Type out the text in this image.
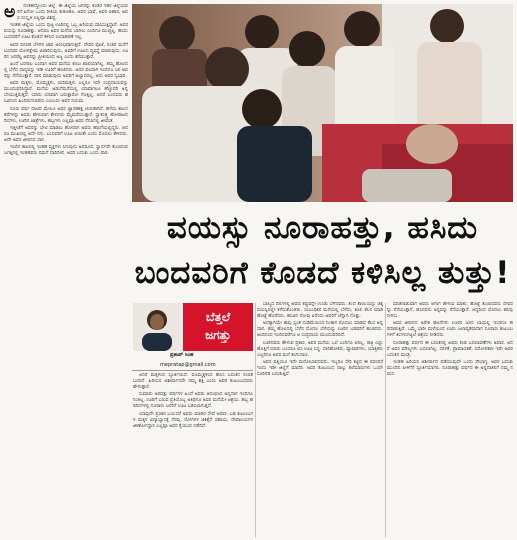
ಅ	ದಂತಹದ್ದೊಂದು ಜಿಲ್ಲೆ. ಈ ಜಿಲ್ಲೆಯ ಜನರನ್ನು ಕಂಡರೆ ಇತರ ಜಿಲ್ಲೆಯವರಿಗೆ ಏನೋ ಒಂದು ರೀತಿಯ ಕುತೂಹಲ. ಅವರ ಭಾಷೆ, ಅವರ ಆಹಾರ, ಅವರ ಸಂಸ್ಕೃತಿ ಎಲ್ಲವೂ ವಿಶಿಷ್ಟ.

ಇಂತಹ ಜಿಲ್ಲೆಯ ಒಂದು ಪುಟ್ಟ ಊರಿನಲ್ಲಿ ಒಬ್ಬ ಹಿರಿಯರು ವಾಸಿಸುತ್ತಿದ್ದಾರೆ. ಅವರ ವಯಸ್ಸು ನೂರಾಹತ್ತು. ಆದರೂ ಅವರ ಮನೆಯ ಬಾಗಿಲು ಎಂದಿಗೂ ಮುಚ್ಚಿಲ್ಲ. ಹಸಿದು ಬಂದವರಿಗೆ ಊಟ ಕೊಡದೆ ಕಳಿಸಿದ ಉದಾಹರಣೆ ಇಲ್ಲ.

ಅವರ ದಿನಚರಿ ಬೆಳಗಿನ ಜಾವ ಆರಂಭವಾಗುತ್ತದೆ. ದೇವರ ಪೂಜೆ, ನಂತರ ಮನೆಗೆ ಬಂದವರ ಯೋಗಕ್ಷೇಮ ವಿಚಾರಿಸುವುದು, ಅವರಿಗೆ ಊಟದ ವ್ಯವಸ್ಥೆ ಮಾಡುವುದು. ಊರಿನ ಜನರೆಲ್ಲ ಅವರನ್ನು ಪ್ರೀತಿಯಿಂದ ಅಜ್ಜ ಎಂದು ಕರೆಯುತ್ತಾರೆ.

ಹಿಂದೆ ಬರಗಾಲ ಬಂದಾಗ ಅವರ ಮನೆಯ ಕಣಜ ಖಾಲಿಯಾಗಿಲ್ಲ. ತಮ್ಮ ಹೊಲದಲ್ಲಿ ಬೆಳೆದ ಧಾನ್ಯವನ್ನು ಇಡೀ ಊರಿಗೆ ಹಂಚಿದರು. ಅದರ ಫಲವಾಗಿ ಇಂದಿಗೂ ಜನ ಅವರನ್ನು ನೆನೆಯುತ್ತಾರೆ. ದಾನ ಮಾಡುವುದು ಅವರಿಗೆ ಅಭ್ಯಾಸವಲ್ಲ, ಅದು ಅವರ ಸ್ವಭಾವ.

ಅವರ ಮಕ್ಕಳು, ಮೊಮ್ಮಕ್ಕಳು, ಮರಿಮಕ್ಕಳು ಎಲ್ಲರೂ ಇದೇ ಸಂಪ್ರದಾಯವನ್ನು ಮುಂದುವರಿಸಿದ್ದಾರೆ. ಮನೆಯ ಅಡುಗೆಮನೆಯಲ್ಲಿ ಯಾವಾಗಲೂ ಹೆಚ್ಚುವರಿ ಅನ್ನ ಬೇಯುತ್ತಿರುತ್ತದೆ. ಯಾರು ಯಾವಾಗ ಬರುತ್ತಾರೋ ಗೊತ್ತಿಲ್ಲ, ಆದರೆ ಬಂದವರು ಹಸಿವಿನಿಂದ ಹಿಂದಿರುಗಬಾರದು ಎಂಬುದು ಅವರ ನಿಯಮ.

ನೂರು ವರ್ಷ ದಾಟಿದ ಮೇಲೂ ಅವರ ಜ್ಞಾಪಕಶಕ್ತಿ ಚುರುಕಾಗಿದೆ. ಹಳೆಯ ಕಾಲದ ಕಥೆಗಳನ್ನು ಅವರು ಹೇಳುವಾಗ ಕೇಳುಗರು ಮೈಮರೆಯುತ್ತಾರೆ. ಸ್ವಾತಂತ್ರ್ಯ ಹೋರಾಟದ ದಿನಗಳು, ಊರಿನ ಜಾತ್ರೆಗಳು, ಹಬ್ಬಗಳು ಎಲ್ಲವೂ ಅವರ ನೆನಪಿನಲ್ಲಿ ಜೀವಂತ.

ಇತ್ತೀಚೆಗೆ ಅವರನ್ನು ಭೇಟಿ ಮಾಡಲು ಹೋದಾಗ ಅವರು ಹಾಸಿಗೆಯಲ್ಲಿದ್ದರು. ಆದರೂ ಮುಖದಲ್ಲಿ ಅದೇ ನಗು. ಬಂದವರಿಗೆ ಊಟ ಆಯಿತೇ ಎಂದು ಮೊದಲು ಕೇಳಿದರು. ಅದೇ ಅವರ ಜೀವನದ ಸಾರ.

ಇಂದಿನ ಕಾಲದಲ್ಲಿ ಇಂತಹ ವ್ಯಕ್ತಿಗಳು ಸಿಗುವುದು ಅಪರೂಪ. ಸ್ವಾರ್ಥವೇ ತುಂಬಿರುವ ಜಗತ್ತಿನಲ್ಲಿ ಇಂತಹವರು ನಮಗೆ ದಾರಿದೀಪ. ಅವರ ಬದುಕು ಒಂದು ಪಾಠ.

ವಯಸ್ಸು ನೂರಾಹತ್ತು, ಹಸಿದು
ಬಂದವರಿಗೆ ಕೊಡದೆ ಕಳಿಸಿಲ್ಲ ತುತ್ತು!
ಬೆತ್ತಲೆ
ಜಗತ್ತು
ಪ್ರತಾಪ್ ಸಿಂಹ
mepratap@gmail.com

ಆದರೆ ಮಕ್ಕಳಿಂದ ಸ್ಫೂರ್ತಿಯಿದೆ. ಮೊಮ್ಮಕ್ಕಳಿಂದ ಹೊಸ ಬದುಕಿನ ನಂಬಿಕೆ ಬಂದಿದೆ. ಹಿರಿಯರ ಆಶೀರ್ವಾದವೇ ನಮ್ಮ ಶಕ್ತಿ ಎಂದು ಅವರ ಕುಟುಂಬದವರು ಹೇಳುತ್ತಾರೆ.

ಸುಮಾರು ಅರವತ್ತು ವರ್ಷಗಳ ಹಿಂದೆ ಅವರು ಆರಂಭಿಸಿದ ಅನ್ನದಾನ ಇಂದಿಗೂ ನಿಂತಿಲ್ಲ. ಊರಿಗೆ ಬರುವ ಪ್ರತಿಯೊಬ್ಬ ಅತಿಥಿಗೂ ಅವರ ಮನೆಯೇ ಆಶ್ರಯ. ಹಬ್ಬ ಹರಿದಿನಗಳಲ್ಲಿ ನೂರಾರು ಜನರಿಗೆ ಊಟ ಬಡಿಸಲಾಗುತ್ತದೆ.

ಯಾವುದೇ ಪ್ರಚಾರ ಬಯಸದೆ ಅವರು ಮಾಡಿದ ಸೇವೆ ಅಪಾರ. ಬಡ ಕುಟುಂಬಗಳ ಮಕ್ಕಳ ವಿದ್ಯಾಭ್ಯಾಸಕ್ಕೆ ನೆರವು, ರೋಗಿಗಳ ಚಿಕಿತ್ಸೆಗೆ ಸಹಾಯ, ದೇವಾಲಯಗಳ ಜೀರ್ಣೋದ್ಧಾರ ಎಲ್ಲವೂ ಅವರ ಕೈಯಿಂದ ನಡೆದಿದೆ.

ಬಾಲ್ಯದ ದಿನಗಳಲ್ಲಿ ಅವರು ಕಷ್ಟವನ್ನೇ ಉಂಡು ಬೆಳೆದವರು. ತಂದೆ ತಾಯಿಯನ್ನು ಚಿಕ್ಕ ವಯಸ್ಸಿನಲ್ಲೇ ಕಳೆದುಕೊಂಡರು. ಸಂಬಂಧಿಕರ ಮನೆಯಲ್ಲಿ ಬೆಳೆದು, ಕೂಲಿ ಕೆಲಸ ಮಾಡಿ ಹೊಟ್ಟೆ ಹೊರೆದರು. ಹಸಿವಿನ ನೋವು ಏನೆಂದು ಅವರಿಗೆ ಚೆನ್ನಾಗಿ ಗೊತ್ತು.

ಅದಕ್ಕಾಗಿಯೇ ತಾವು ಸ್ವಂತ ದುಡಿಮೆಯಿಂದ ನಿಂತಾಗ ಮೊದಲು ಮಾಡಿದ ಕೆಲಸ ಅನ್ನದಾನ. ತಮ್ಮ ಹೊಲದಲ್ಲಿ ಬೆಳೆದ ಮೊದಲ ಬೆಳೆಯನ್ನು ಊರಿನ ಬಡವರಿಗೆ ಹಂಚಿದರು. ಅಂದಿನಿಂದ ಇಂದಿನವರೆಗೂ ಆ ಸಂಪ್ರದಾಯ ಮುಂದುವರಿದಿದೆ.

ಊರಿನವರು ಹೇಳುವ ಪ್ರಕಾರ, ಅವರ ಮನೆಯ ಒಲೆ ಎಂದಿಗೂ ಆರಿಲ್ಲ. ರಾತ್ರಿ ಎಷ್ಟು ಹೊತ್ತಿಗೆ ಯಾರು ಬಂದರೂ ಬಿಸಿ ಊಟ ಸಿದ್ಧ. ದಾರಿಹೋಕರು, ವ್ಯಾಪಾರಿಗಳು, ಯಾತ್ರಿಕರು ಎಲ್ಲರಿಗೂ ಅವರ ಮನೆ ತಂಗುದಾಣ.

ಅವರ ಪತ್ನಿಯೂ ಇದೇ ಮನೋಭಾವದವರು. ಇಬ್ಬರೂ ಸೇರಿ ಕಟ್ಟಿದ ಈ ಪರಂಪರೆ ಇಂದು ಇಡೀ ಜಿಲ್ಲೆಗೆ ಮಾದರಿ. ಅವರ ಕುಟುಂಬದ ನಾಲ್ಕು ತಲೆಮಾರುಗಳು ಒಂದೇ ಸೂರಿನಡಿ ಬದುಕುತ್ತಿವೆ.

ಮಾತನಾಡುವಾಗ ಅವರು ಆಗಾಗ ಹೇಳುವ ಮಾತು: ಹೊಟ್ಟೆ ತುಂಬಿದವನು ದೇವರನ್ನು ನೆನೆಯುತ್ತಾನೆ, ಹಸಿದವನು ಅನ್ನವನ್ನು ನೆನೆಯುತ್ತಾನೆ. ಆದ್ದರಿಂದ ಮೊದಲು ಹಸಿವು ನೀಗಿಸು.

ಅವರ ಜೀವನದ ಅನೇಕ ಘಟನೆಗಳು ಊರಿನ ಜನರ ಬಾಯಲ್ಲಿ ಇಂದಿಗೂ ಹರಿದಾಡುತ್ತಿವೆ. ಒಮ್ಮೆ ಭಾರೀ ಮಳೆಯಿಂದ ಊರು ಜಲಾವೃತವಾದಾಗ ನೂರಾರು ಕುಟುಂಬಗಳಿಗೆ ತಿಂಗಳುಗಟ್ಟಲೆ ಆಶ್ರಯ ನೀಡಿದರು.

ನೂರಾಹತ್ತು ವರ್ಷದ ಈ ಬದುಕಿನಲ್ಲಿ ಅವರು ಕಂಡ ಬದಲಾವಣೆಗಳು ಅಪಾರ. ಆದರೆ ಅವರ ಮೌಲ್ಯಗಳು ಬದಲಾಗಿಲ್ಲ. ಸರಳತೆ, ಪ್ರಾಮಾಣಿಕತೆ, ಪರೋಪಕಾರ ಇವೇ ಅವರ ಬದುಕಿನ ಮಂತ್ರ.

ಇಂತಹ ಹಿರಿಯರ ಆಶೀರ್ವಾದ ಪಡೆಯುವುದೇ ಒಂದು ಸೌಭಾಗ್ಯ. ಅವರ ಬದುಕು ಮುಂದಿನ ಪೀಳಿಗೆಗೆ ಸ್ಫೂರ್ತಿಯಾಗಲಿ. ನೂರಾಹತ್ತು ವರ್ಷದ ಈ ಅನ್ನದಾತನಿಗೆ ನಮ್ಮ ನಮನ.
